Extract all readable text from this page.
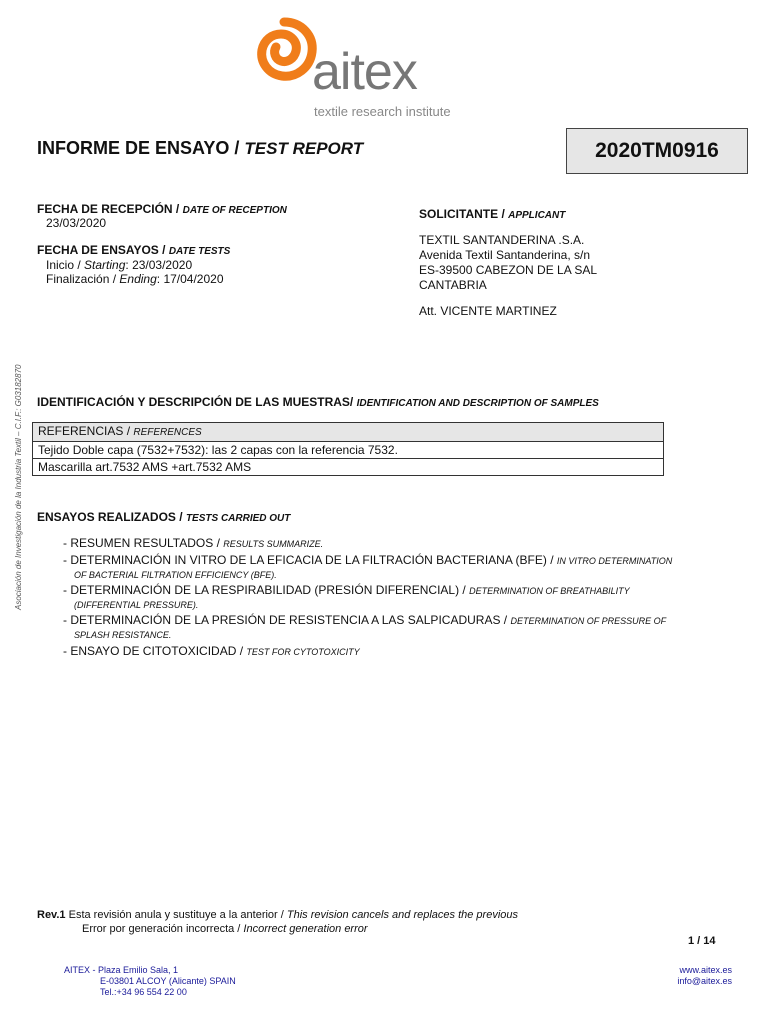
aitex
textile research institute
INFORME DE ENSAYO / TEST REPORT	2020TM0916
Asociación de Investigación de la Industria Textil – C.I.F.: G03182870
FECHA DE RECEPCIÓN / DATE OF RECEPTION
23/03/2020
FECHA DE ENSAYOS / DATE TESTS
Inicio / Starting: 23/03/2020
Finalización / Ending: 17/04/2020
SOLICITANTE / APPLICANT
TEXTIL SANTANDERINA .S.A.
Avenida Textil Santanderina, s/n
ES-39500 CABEZON DE LA SAL
CANTABRIA
Att. VICENTE MARTINEZ
IDENTIFICACIÓN Y DESCRIPCIÓN DE LAS MUESTRAS/ IDENTIFICATION AND DESCRIPTION OF SAMPLES
REFERENCIAS / REFERENCES
Tejido Doble capa (7532+7532): las 2 capas con la referencia 7532.
Mascarilla art.7532 AMS +art.7532 AMS
ENSAYOS REALIZADOS / TESTS CARRIED OUT
- RESUMEN RESULTADOS / RESULTS SUMMARIZE.
- DETERMINACIÓN IN VITRO DE LA EFICACIA DE LA FILTRACIÓN BACTERIANA (BFE) / IN VITRO DETERMINATION
OF BACTERIAL FILTRATION EFFICIENCY (BFE).
- DETERMINACIÓN DE LA RESPIRABILIDAD (PRESIÓN DIFERENCIAL) / DETERMINATION OF BREATHABILITY
(DIFFERENTIAL PRESSURE).
- DETERMINACIÓN DE LA PRESIÓN DE RESISTENCIA A LAS SALPICADURAS / DETERMINATION OF PRESSURE OF
SPLASH RESISTANCE.
- ENSAYO DE CITOTOXICIDAD / TEST FOR CYTOTOXICITY
Rev.1 Esta revisión anula y sustituye a la anterior / This revision cancels and replaces the previous
Error por generación incorrecta / Incorrect generation error
1 / 14
AITEX - Plaza Emilio Sala, 1
E-03801 ALCOY (Alicante) SPAIN
Tel.:+34 96 554 22 00
www.aitex.es
info@aitex.es
